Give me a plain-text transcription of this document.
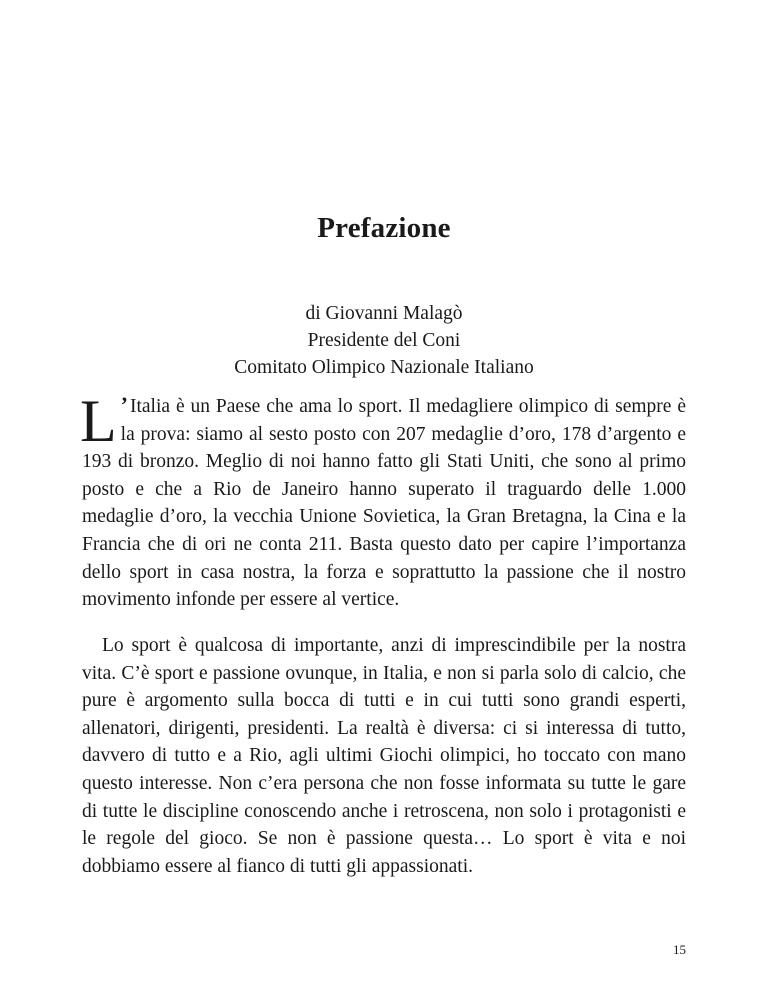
Prefazione
di Giovanni Malagò
Presidente del Coni
Comitato Olimpico Nazionale Italiano

L ’ Italia è un Paese che ama lo sport. Il medagliere olimpico di sempre è la prova: siamo al sesto posto con 207 medaglie d’oro, 178 d’argento e 193 di bronzo. Meglio di noi hanno fatto gli Stati Uniti, che sono al primo posto e che a Rio de Janeiro hanno superato il traguardo delle 1.000 medaglie d’oro, la vecchia Unione Sovietica, la Gran Bretagna, la Cina e la Francia che di ori ne conta 211. Basta questo dato per capire l’importanza dello sport in casa nostra, la forza e soprattutto la passione che il nostro movimento infonde per essere al vertice.

Lo sport è qualcosa di importante, anzi di imprescindibile per la nostra vita. C’è sport e passione ovunque, in Italia, e non si parla solo di calcio, che pure è argomento sulla bocca di tutti e in cui tutti sono grandi esperti, allenatori, dirigenti, presidenti. La realtà è diversa: ci si interessa di tutto, davvero di tutto e a Rio, agli ultimi Giochi olimpici, ho toccato con mano questo interesse. Non c’era persona che non fosse informata su tutte le gare di tutte le discipline conoscendo anche i retroscena, non solo i protagonisti e le regole del gioco. Se non è passione questa… Lo sport è vita e noi dobbiamo essere al fianco di tutti gli appassionati.

15
